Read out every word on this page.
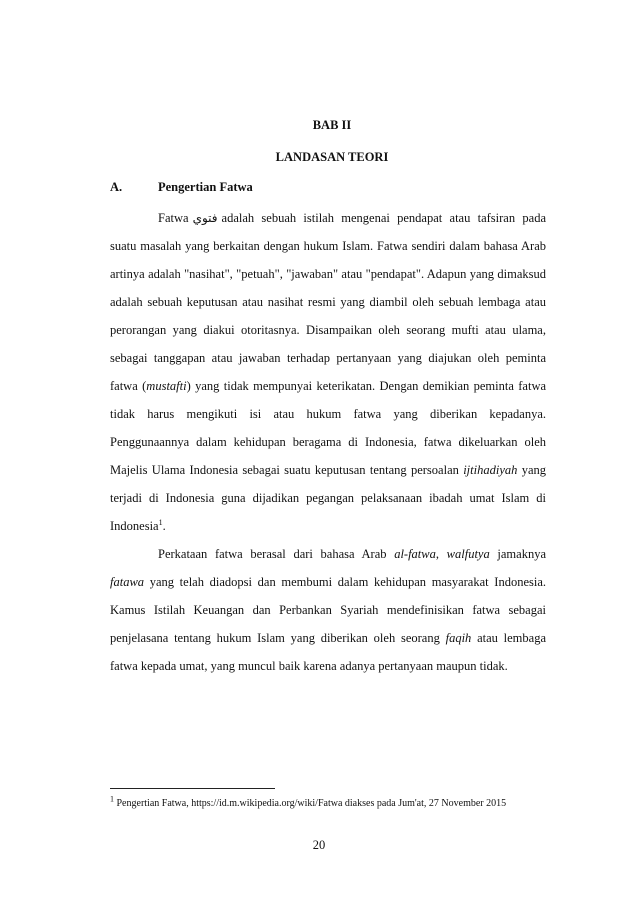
BAB II
LANDASAN TEORI
A.	Pengertian Fatwa

Fatwa فتوي adalah sebuah istilah mengenai pendapat atau tafsiran pada suatu masalah yang berkaitan dengan hukum Islam. Fatwa sendiri dalam bahasa Arab artinya adalah "nasihat", "petuah", "jawaban" atau "pendapat". Adapun yang dimaksud adalah sebuah keputusan atau nasihat resmi yang diambil oleh sebuah lembaga atau perorangan yang diakui otoritasnya. Disampaikan oleh seorang mufti atau ulama, sebagai tanggapan atau jawaban terhadap pertanyaan yang diajukan oleh peminta fatwa (mustafti) yang tidak mempunyai keterikatan. Dengan demikian peminta fatwa tidak harus mengikuti isi atau hukum fatwa yang diberikan kepadanya. Penggunaannya dalam kehidupan beragama di Indonesia, fatwa dikeluarkan oleh Majelis Ulama Indonesia sebagai suatu keputusan tentang persoalan ijtihadiyah yang terjadi di Indonesia guna dijadikan pegangan pelaksanaan ibadah umat Islam di Indonesia$^1$.

Perkataan fatwa berasal dari bahasa Arab al-fatwa, walfutya jamaknya fatawa yang telah diadopsi dan membumi dalam kehidupan masyarakat Indonesia. Kamus Istilah Keuangan dan Perbankan Syariah mendefinisikan fatwa sebagai penjelasana tentang hukum Islam yang diberikan oleh seorang faqih atau lembaga fatwa kepada umat, yang muncul baik karena adanya pertanyaan maupun tidak.

$^1$ Pengertian Fatwa, https://id.m.wikipedia.org/wiki/Fatwa diakses pada Jum'at, 27 November 2015
20
